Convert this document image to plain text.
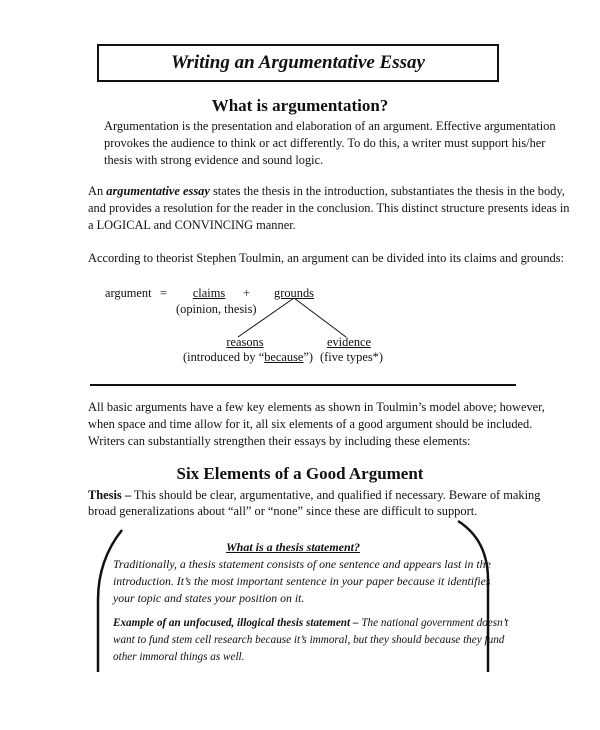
Writing an Argumentative Essay
What is argumentation?
Argumentation is the presentation and elaboration of an argument. Effective argumentation
provokes the audience to think or act differently. To do this, a writer must support his/her
thesis with strong evidence and sound logic.
An argumentative essay states the thesis in the introduction, substantiates the thesis in the body,
and provides a resolution for the reader in the conclusion. This distinct structure presents ideas in
a LOGICAL and CONVINCING manner.
According to theorist Stephen Toulmin, an argument can be divided into its claims and grounds:
argument =	claims	+	grounds
(opinion, thesis)
reasons	evidence
(introduced by “because”) (five types*)
All basic arguments have a few key elements as shown in Toulmin’s model above; however,
when space and time allow for it, all six elements of a good argument should be included.
Writers can substantially strengthen their essays by including these elements:
Six Elements of a Good Argument
Thesis – This should be clear, argumentative, and qualified if necessary. Beware of making
broad generalizations about “all” or “none” since these are difficult to support.
What is a thesis statement?
Traditionally, a thesis statement consists of one sentence and appears last in the
introduction. It’s the most important sentence in your paper because it identifies
your topic and states your position on it.
Example of an unfocused, illogical thesis statement – The national government doesn’t
want to fund stem cell research because it’s immoral, but they should because they fund
other immoral things as well.
